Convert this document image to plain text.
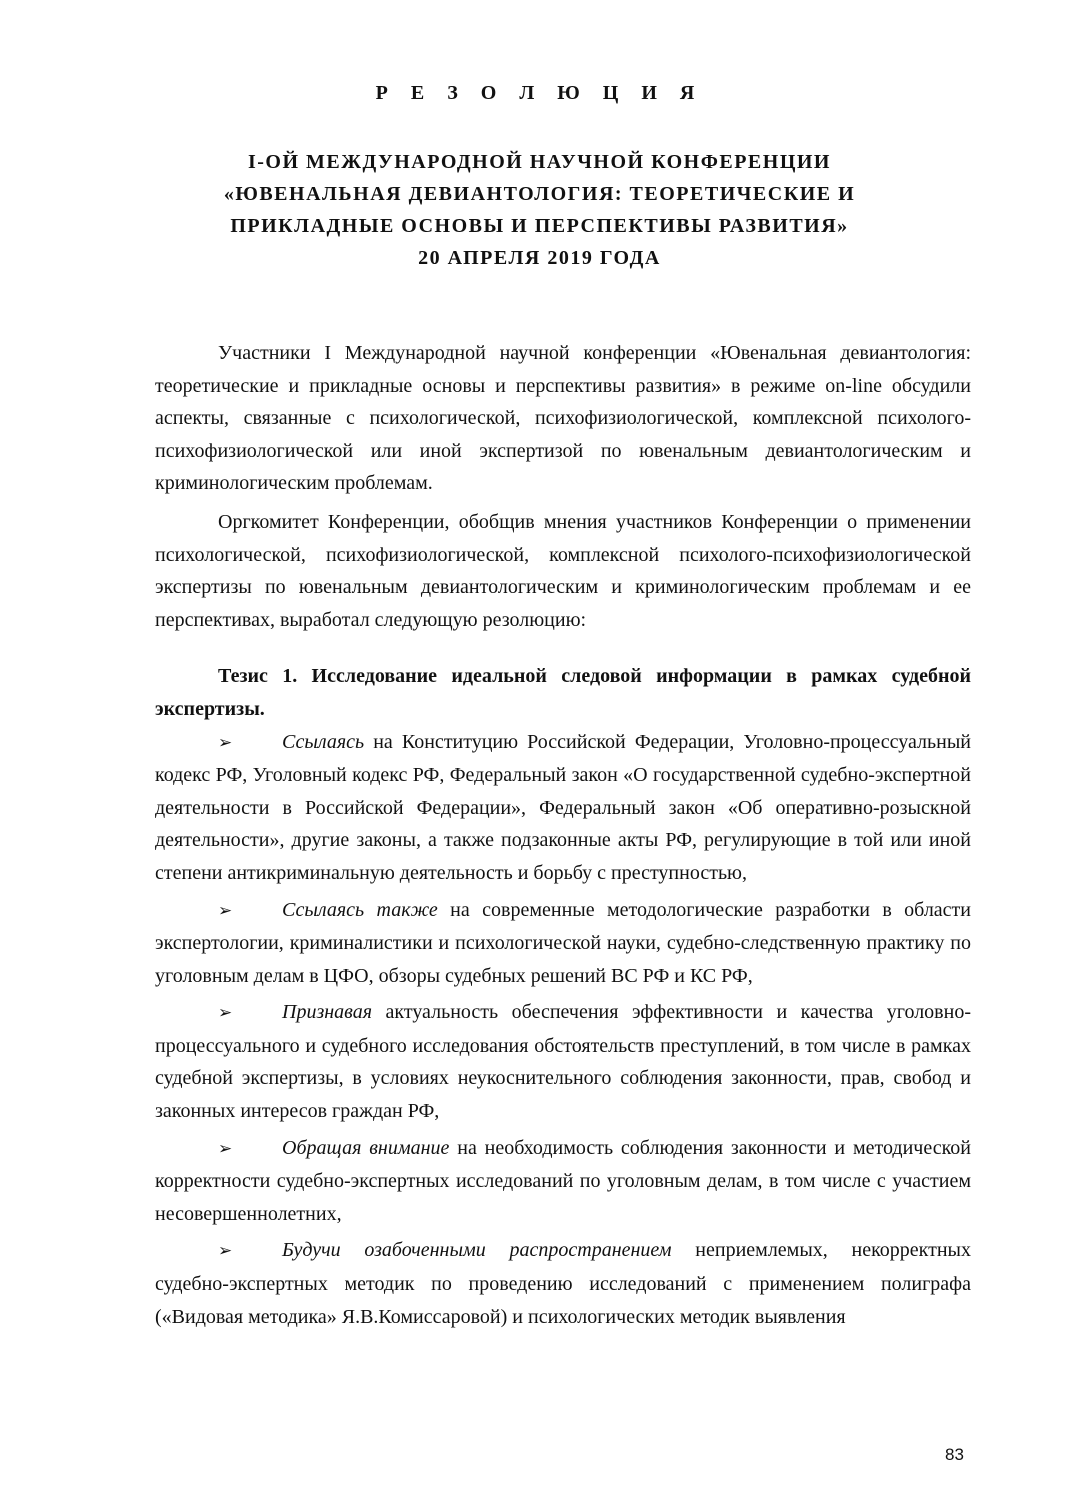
Р Е З О Л Ю Ц И Я
I-ОЙ МЕЖДУНАРОДНОЙ НАУЧНОЙ КОНФЕРЕНЦИИ
«ЮВЕНАЛЬНАЯ ДЕВИАНТОЛОГИЯ: ТЕОРЕТИЧЕСКИЕ И
ПРИКЛАДНЫЕ ОСНОВЫ И ПЕРСПЕКТИВЫ РАЗВИТИЯ»
20 АПРЕЛЯ 2019 ГОДА

Участники I Международной научной конференции «Ювенальная девиантология: теоретические и прикладные основы и перспективы развития» в режиме on-line обсудили аспекты, связанные с психологической, психофизиологической, комплексной психолого-психофизиологической или иной экспертизой по ювенальным девиантологическим и криминологическим проблемам.

Оргкомитет Конференции, обобщив мнения участников Конференции о применении психологической, психофизиологической, комплексной психолого-психофизиологической экспертизы по ювенальным девиантологическим и криминологическим проблемам и ее перспективах, выработал следующую резолюцию:

Тезис 1. Исследование идеальной следовой информации в рамках судебной экспертизы.

➢ Ссылаясь на Конституцию Российской Федерации, Уголовно-процессуальный кодекс РФ, Уголовный кодекс РФ, Федеральный закон «О государственной судебно-экспертной деятельности в Российской Федерации», Федеральный закон «Об оперативно-розыскной деятельности», другие законы, а также подзаконные акты РФ, регулирующие в той или иной степени антикриминальную деятельность и борьбу с преступностью,

➢ Ссылаясь также на современные методологические разработки в области экспертологии, криминалистики и психологической науки, судебно-следственную практику по уголовным делам в ЦФО, обзоры судебных решений ВС РФ и КС РФ,

➢ Признавая актуальность обеспечения эффективности и качества уголовно-процессуального и судебного исследования обстоятельств преступлений, в том числе в рамках судебной экспертизы, в условиях неукоснительного соблюдения законности, прав, свобод и законных интересов граждан РФ,

➢ Обращая внимание на необходимость соблюдения законности и методической корректности судебно-экспертных исследований по уголовным делам, в том числе с участием несовершеннолетних,

➢ Будучи озабоченными распространением неприемлемых, некорректных судебно-экспертных методик по проведению исследований с применением полиграфа («Видовая методика» Я.В.Комиссаровой) и психологических методик выявления

83
